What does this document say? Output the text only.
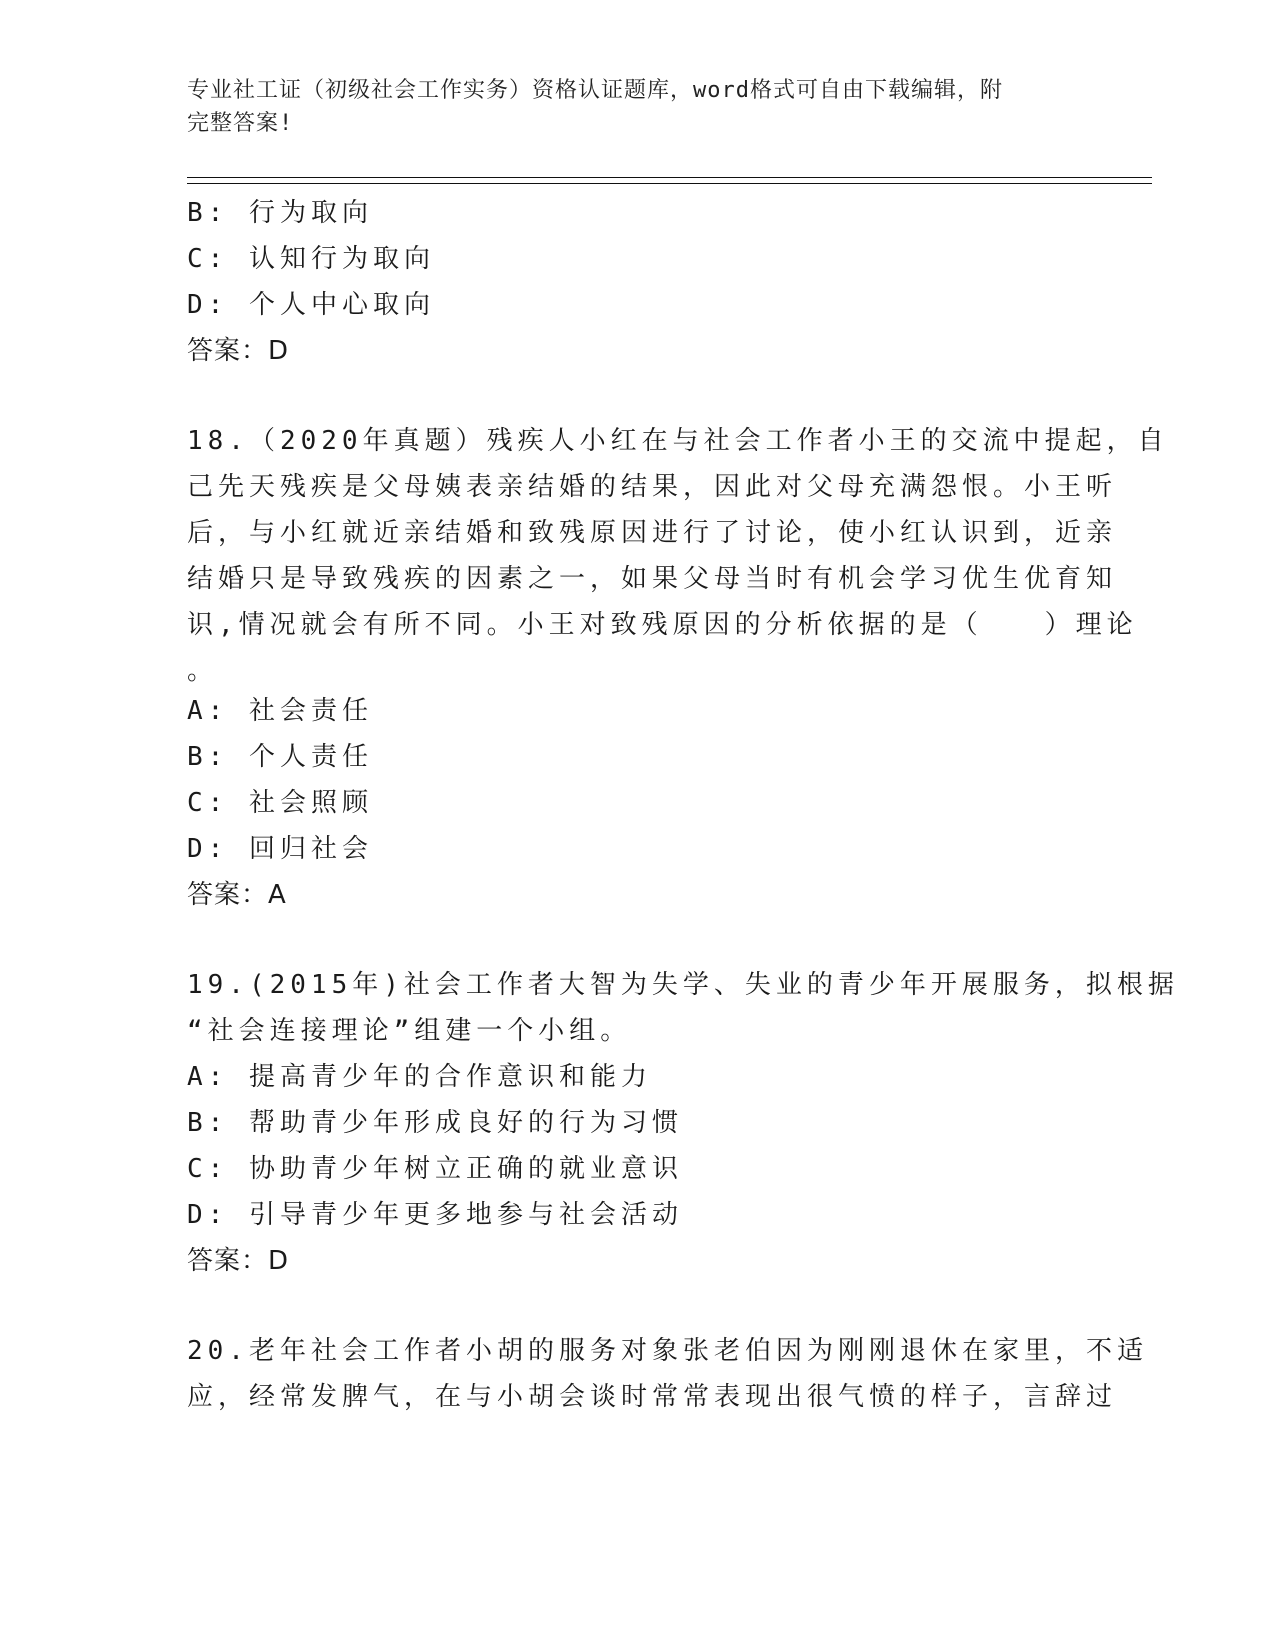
专业社工证（初级社会工作实务）资格认证题库，word格式可自由下载编辑，附
完整答案!
B: 行为取向
C: 认知行为取向
D: 个人中心取向
答案：D
18.（2020年真题）残疾人小红在与社会工作者小王的交流中提起，自
己先天残疾是父母姨表亲结婚的结果，因此对父母充满怨恨。小王听
后，与小红就近亲结婚和致残原因进行了讨论，使小红认识到，近亲
结婚只是导致残疾的因素之一，如果父母当时有机会学习优生优育知
识,情况就会有所不同。小王对致残原因的分析依据的是（　　）理论
。
A: 社会责任
B: 个人责任
C: 社会照顾
D: 回归社会
答案：A
19.(2015年)社会工作者大智为失学、失业的青少年开展服务，拟根据
“社会连接理论”组建一个小组。
A: 提高青少年的合作意识和能力
B: 帮助青少年形成良好的行为习惯
C: 协助青少年树立正确的就业意识
D: 引导青少年更多地参与社会活动
答案：D
20.老年社会工作者小胡的服务对象张老伯因为刚刚退休在家里，不适
应，经常发脾气，在与小胡会谈时常常表现出很气愤的样子，言辞过
